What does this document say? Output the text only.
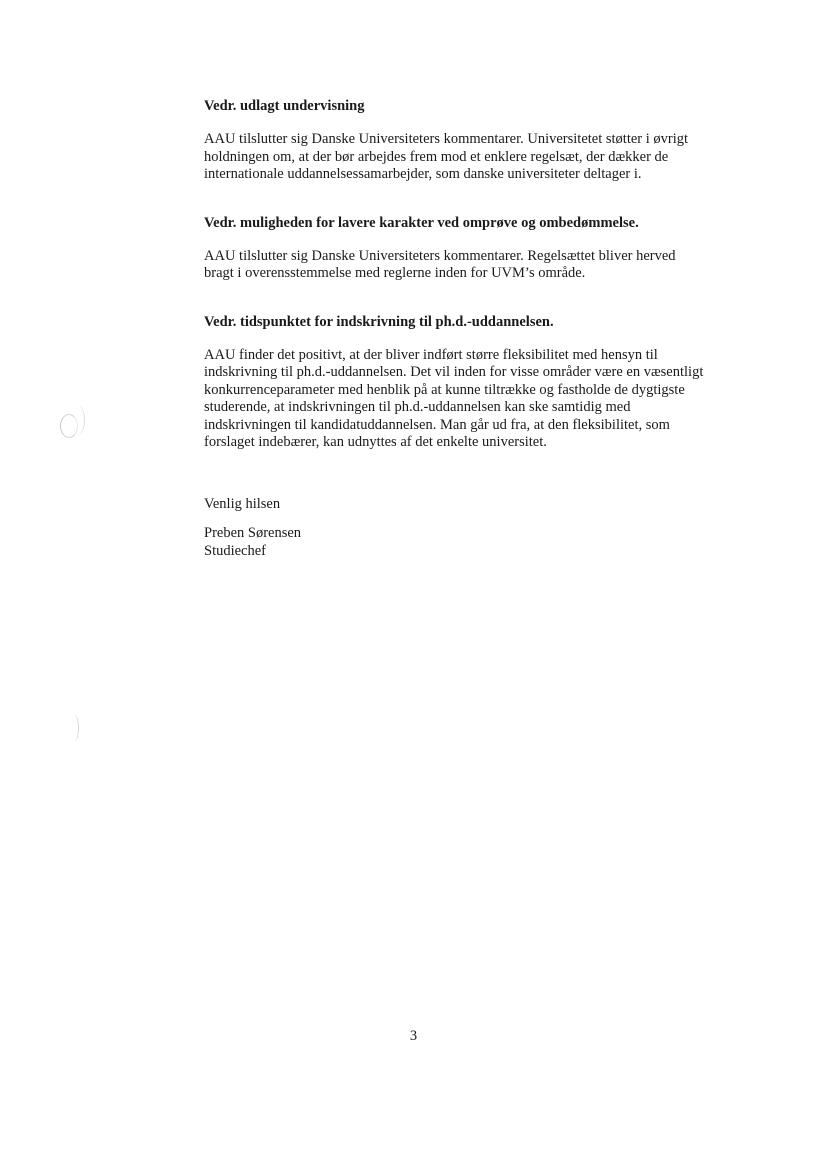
Vedr. udlagt undervisning

AAU tilslutter sig Danske Universiteters kommentarer. Universitetet støtter i øvrigt
holdningen om, at der bør arbejdes frem mod et enklere regelsæt, der dækker de
internationale uddannelsessamarbejder, som danske universiteter deltager i.

Vedr. muligheden for lavere karakter ved omprøve og ombedømmelse.

AAU tilslutter sig Danske Universiteters kommentarer. Regelsættet bliver herved
bragt i overensstemmelse med reglerne inden for UVM’s område.

Vedr. tidspunktet for indskrivning til ph.d.-uddannelsen.

AAU finder det positivt, at der bliver indført større fleksibilitet med hensyn til
indskrivning til ph.d.-uddannelsen. Det vil inden for visse områder være en væsentligt
konkurrenceparameter med henblik på at kunne tiltrække og fastholde de dygtigste
studerende, at indskrivningen til ph.d.-uddannelsen kan ske samtidig med
indskrivningen til kandidatuddannelsen. Man går ud fra, at den fleksibilitet, som
forslaget indebærer, kan udnyttes af det enkelte universitet.

Venlig hilsen
Preben Sørensen
Studiechef
3
